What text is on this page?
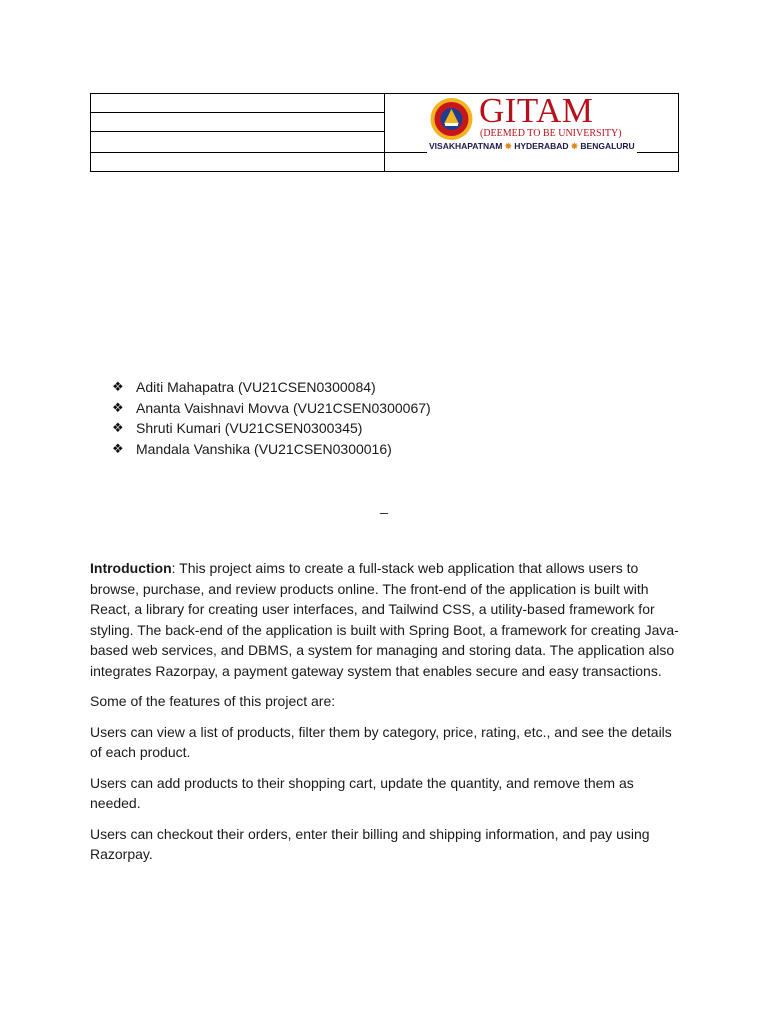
GITAM
(DEEMED TO BE UNIVERSITY)
VISAKHAPATNAM ✸ HYDERABAD ✸ BENGALURU
❖ Aditi Mahapatra (VU21CSEN0300084)
❖ Ananta Vaishnavi Movva (VU21CSEN0300067)
❖ Shruti Kumari (VU21CSEN0300345)
❖ Mandala Vanshika (VU21CSEN0300016)
_

Introduction: This project aims to create a full-stack web application that allows users to browse, purchase, and review products online. The front-end of the application is built with React, a library for creating user interfaces, and Tailwind CSS, a utility-based framework for styling. The back-end of the application is built with Spring Boot, a framework for creating Java-based web services, and DBMS, a system for managing and storing data. The application also integrates Razorpay, a payment gateway system that enables secure and easy transactions.

Some of the features of this project are:

Users can view a list of products, filter them by category, price, rating, etc., and see the details of each product.

Users can add products to their shopping cart, update the quantity, and remove them as needed.

Users can checkout their orders, enter their billing and shipping information, and pay using Razorpay.
